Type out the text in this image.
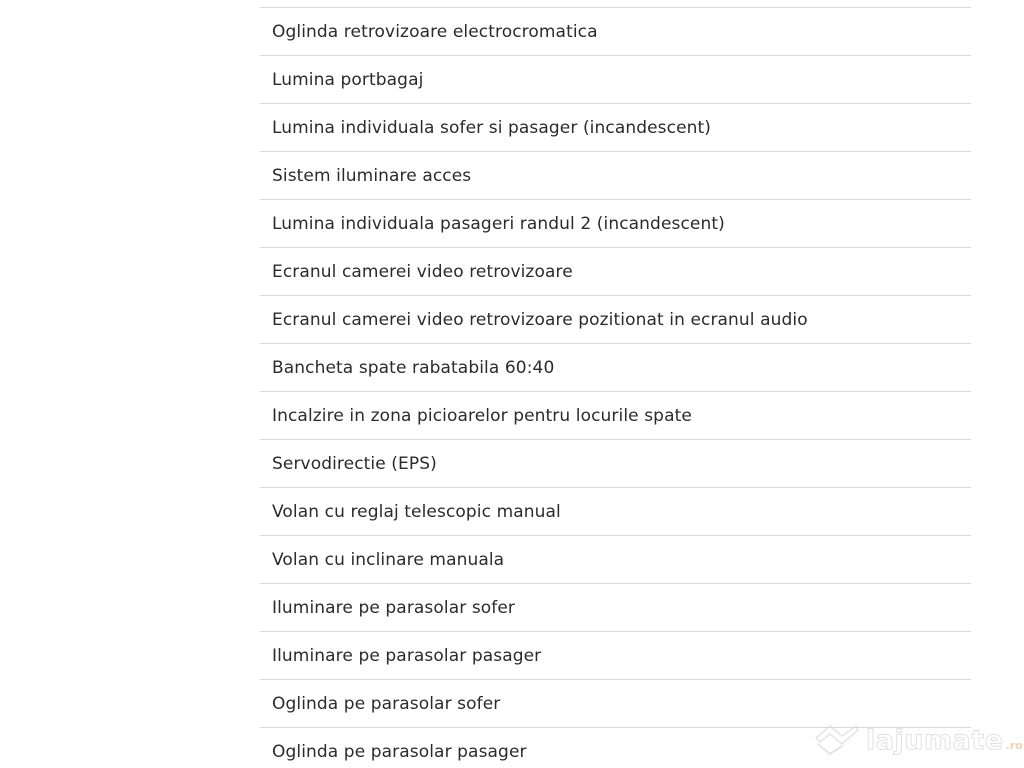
Oglinda retrovizoare electrocromatica
Lumina portbagaj
Lumina individuala sofer si pasager (incandescent)
Sistem iluminare acces
Lumina individuala pasageri randul 2 (incandescent)
Ecranul camerei video retrovizoare
Ecranul camerei video retrovizoare pozitionat in ecranul audio
Bancheta spate rabatabila 60:40
Incalzire in zona picioarelor pentru locurile spate
Servodirectie (EPS)
Volan cu reglaj telescopic manual
Volan cu inclinare manuala
Iluminare pe parasolar sofer
Iluminare pe parasolar pasager
Oglinda pe parasolar sofer
Oglinda pe parasolar pasager	lajumate .ro
